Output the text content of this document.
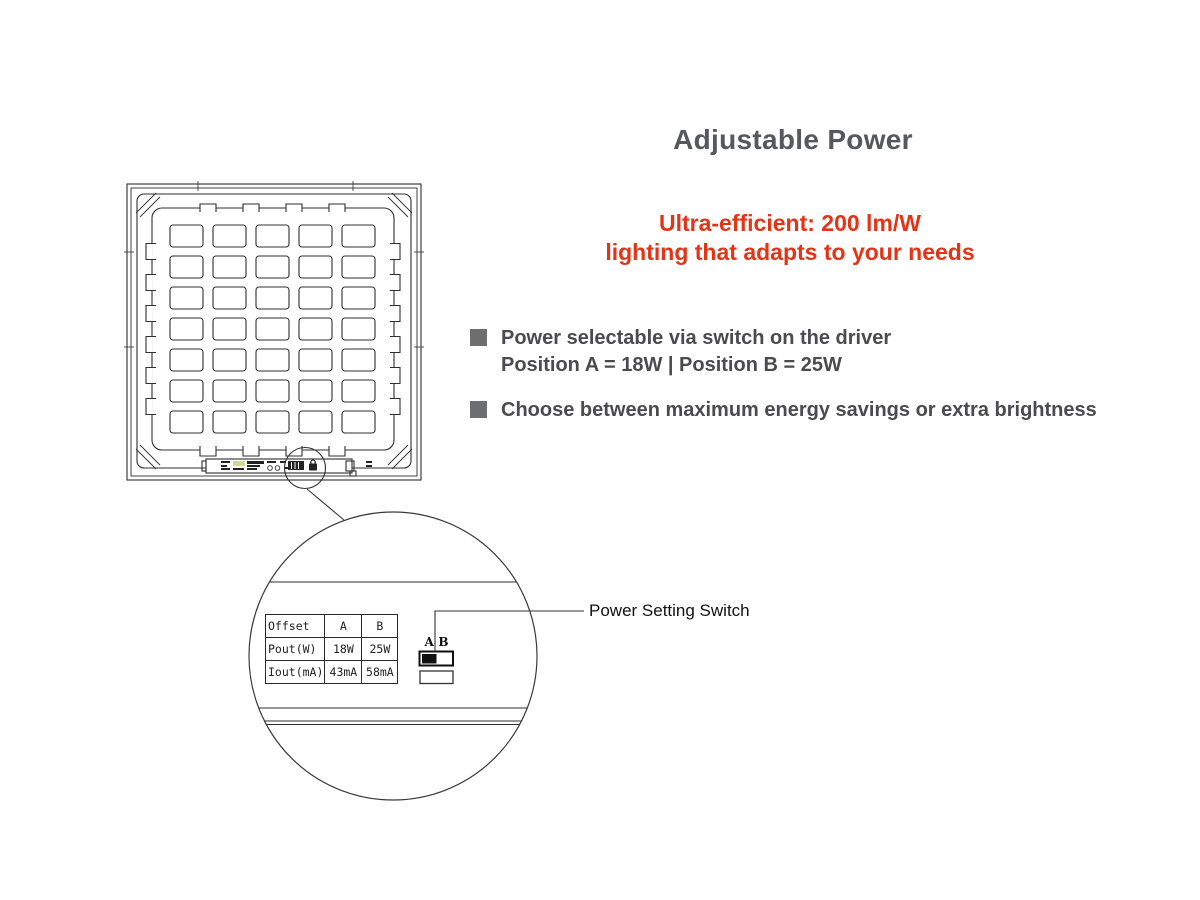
Adjustable Power
Ultra-efficient: 200 lm/W
lighting that adapts to your needs
Power selectable via switch on the driver
Position A = 18W | Position B = 25W
Choose between maximum energy savings or extra brightness
Offset	A	B
Pout(W)	18W	25W
Iout(mA)	43mA	58mA
A B
Power Setting Switch
